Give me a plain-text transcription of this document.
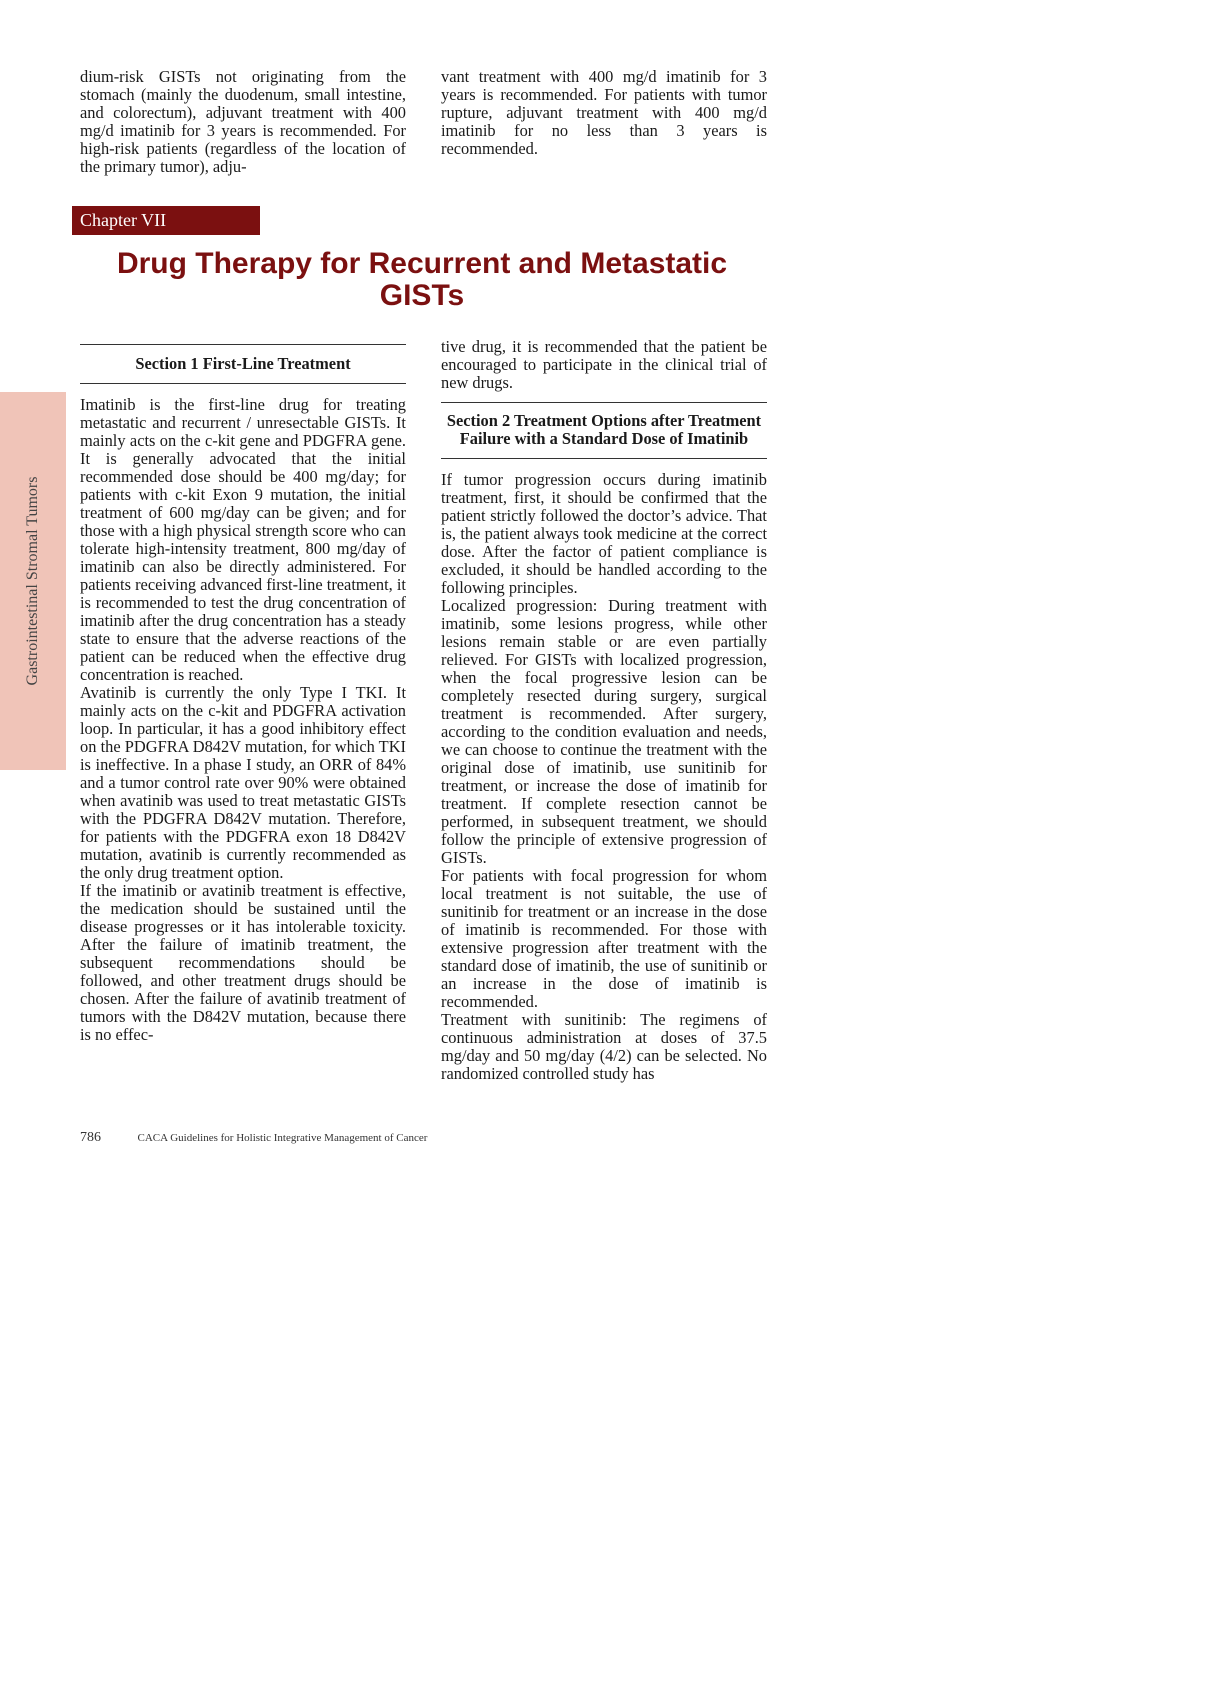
dium-risk GISTs not originating from the stomach (mainly the duodenum, small intestine, and colorectum), adjuvant treatment with 400 mg/d imatinib for 3 years is recommended. For high-risk patients (regardless of the location of the primary tumor), adju-

vant treatment with 400 mg/d imatinib for 3 years is recommended. For patients with tumor rupture, adjuvant treatment with 400 mg/d imatinib for no less than 3 years is recommended.

Chapter VII
Drug Therapy for Recurrent and Metastatic GISTs
Gastrointestinal Stromal Tumors
Section 1 First-Line Treatment

Imatinib is the first-line drug for treating metastatic and recurrent / unresectable GISTs. It mainly acts on the c-kit gene and PDGFRA gene. It is generally advocated that the initial recommended dose should be 400 mg/day; for patients with c-kit Exon 9 mutation, the initial treatment of 600 mg/day can be given; and for those with a high physical strength score who can tolerate high-intensity treatment, 800 mg/day of imatinib can also be directly administered. For patients receiving advanced first-line treatment, it is recommended to test the drug concentration of imatinib after the drug concentration has a steady state to ensure that the adverse reactions of the patient can be reduced when the effective drug concentration is reached.

Avatinib is currently the only Type I TKI. It mainly acts on the c-kit and PDGFRA activation loop. In particular, it has a good inhibitory effect on the PDGFRA D842V mutation, for which TKI is ineffective. In a phase I study, an ORR of 84% and a tumor control rate over 90% were obtained when avatinib was used to treat metastatic GISTs with the PDGFRA D842V mutation. Therefore, for patients with the PDGFRA exon 18 D842V mutation, avatinib is currently recommended as the only drug treatment option.

If the imatinib or avatinib treatment is effective, the medication should be sustained until the disease progresses or it has intolerable toxicity. After the failure of imatinib treatment, the subsequent recommendations should be followed, and other treatment drugs should be chosen. After the failure of avatinib treatment of tumors with the D842V mutation, because there is no effec-

tive drug, it is recommended that the patient be encouraged to participate in the clinical trial of new drugs.

Section 2 Treatment Options after Treatment Failure with a Standard Dose of Imatinib

If tumor progression occurs during imatinib treatment, first, it should be confirmed that the patient strictly followed the doctor’s advice. That is, the patient always took medicine at the correct dose. After the factor of patient compliance is excluded, it should be handled according to the following principles.

Localized progression: During treatment with imatinib, some lesions progress, while other lesions remain stable or are even partially relieved. For GISTs with localized progression, when the focal progressive lesion can be completely resected during surgery, surgical treatment is recommended. After surgery, according to the condition evaluation and needs, we can choose to continue the treatment with the original dose of imatinib, use sunitinib for treatment, or increase the dose of imatinib for treatment. If complete resection cannot be performed, in subsequent treatment, we should follow the principle of extensive progression of GISTs.

For patients with focal progression for whom local treatment is not suitable, the use of sunitinib for treatment or an increase in the dose of imatinib is recommended. For those with extensive progression after treatment with the standard dose of imatinib, the use of sunitinib or an increase in the dose of imatinib is recommended.

Treatment with sunitinib: The regimens of continuous administration at doses of 37.5 mg/day and 50 mg/day (4/2) can be selected. No randomized controlled study has

786	CACA Guidelines for Holistic Integrative Management of Cancer
